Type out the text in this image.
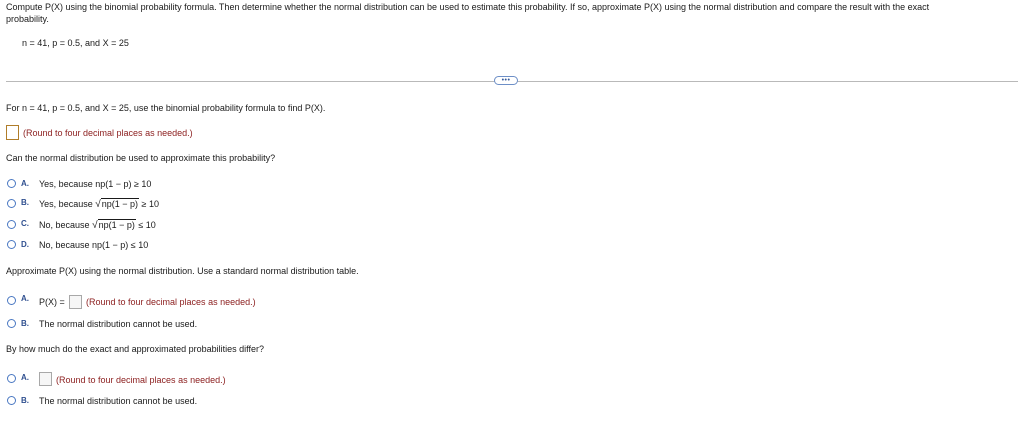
Compute P(X) using the binomial probability formula. Then determine whether the normal distribution can be used to estimate this probability. If so, approximate P(X) using the normal distribution and compare the result with the exact
probability.
n = 41, p = 0.5, and X = 25
•••
For n = 41, p = 0.5, and X = 25, use the binomial probability formula to find P(X).
(Round to four decimal places as needed.)
Can the normal distribution be used to approximate this probability?
A. Yes, because np(1 − p) ≥ 10
B. Yes, because √ np(1 − p) ≥ 10
C. No, because √ np(1 − p) ≤ 10
D. No, because np(1 − p) ≤ 10
Approximate P(X) using the normal distribution. Use a standard normal distribution table.
A. P(X) = (Round to four decimal places as needed.)
B. The normal distribution cannot be used.
By how much do the exact and approximated probabilities differ?
A.	(Round to four decimal places as needed.)
B. The normal distribution cannot be used.
